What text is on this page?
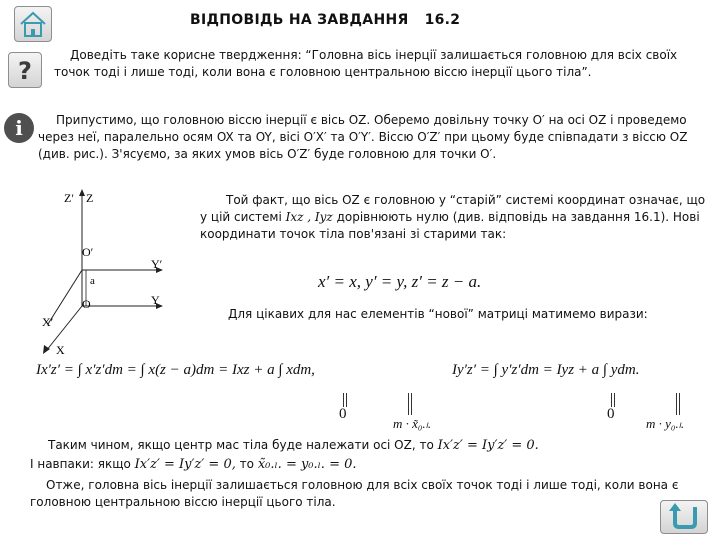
ВІДПОВІДЬ НА ЗАВДАННЯ 16.2
?
i
Доведіть таке корисне твердження: “Головна вісь інерції залишається головною для всіх своїх точок тоді і лише тоді, коли вона є головною центральною віссю інерції цього тіла”.
Припустимо, що головною віссю інерції є вісь OZ. Оберемо довільну точку O′ на осі OZ і проведемо через неї, паралельно осям OX та OY, вісі O′X′ та O′Y′. Віссю O′Z′ при цьому буде співпадати з віссю OZ (див. рис.). З'ясуємо, за яких умов вісь O′Z′ буде головною для точки O′.
Z′ Z
O′
a
O
Y′
Y
X′
X
Той факт, що вісь OZ є головною у “старій” системі координат означає, що у цій системі Ixz , Iyz дорівнюють нулю (див. відповідь на завдання 16.1). Нові координати точок тіла пов'язані зі старими так:
x′ = x, y′ = y, z′ = z − a.
Для цікавих для нас елементів “нової” матриці матимемо вирази:
Ix′z′ = ∫ x′z′dm = ∫ x(z − a)dm = Ixz + a ∫ xdm,	Iy′z′ = ∫ y′z′dm = Iyz + a ∫ ydm.
0
m · x̃₀.ₗ.
0
m · y₀.ₗ.
Таким чином, якщо центр мас тіла буде належати осі OZ, то Ix′z′ = Iy′z′ = 0.
І навпаки: якщо Ix′z′ = Iy′z′ = 0, то x̃₀.ₗ. = y₀.ₗ. = 0.
Отже, головна вісь інерції залишається головною для всіх своїх точок тоді і лише тоді, коли вона є головною центральною віссю інерції цього тіла.
